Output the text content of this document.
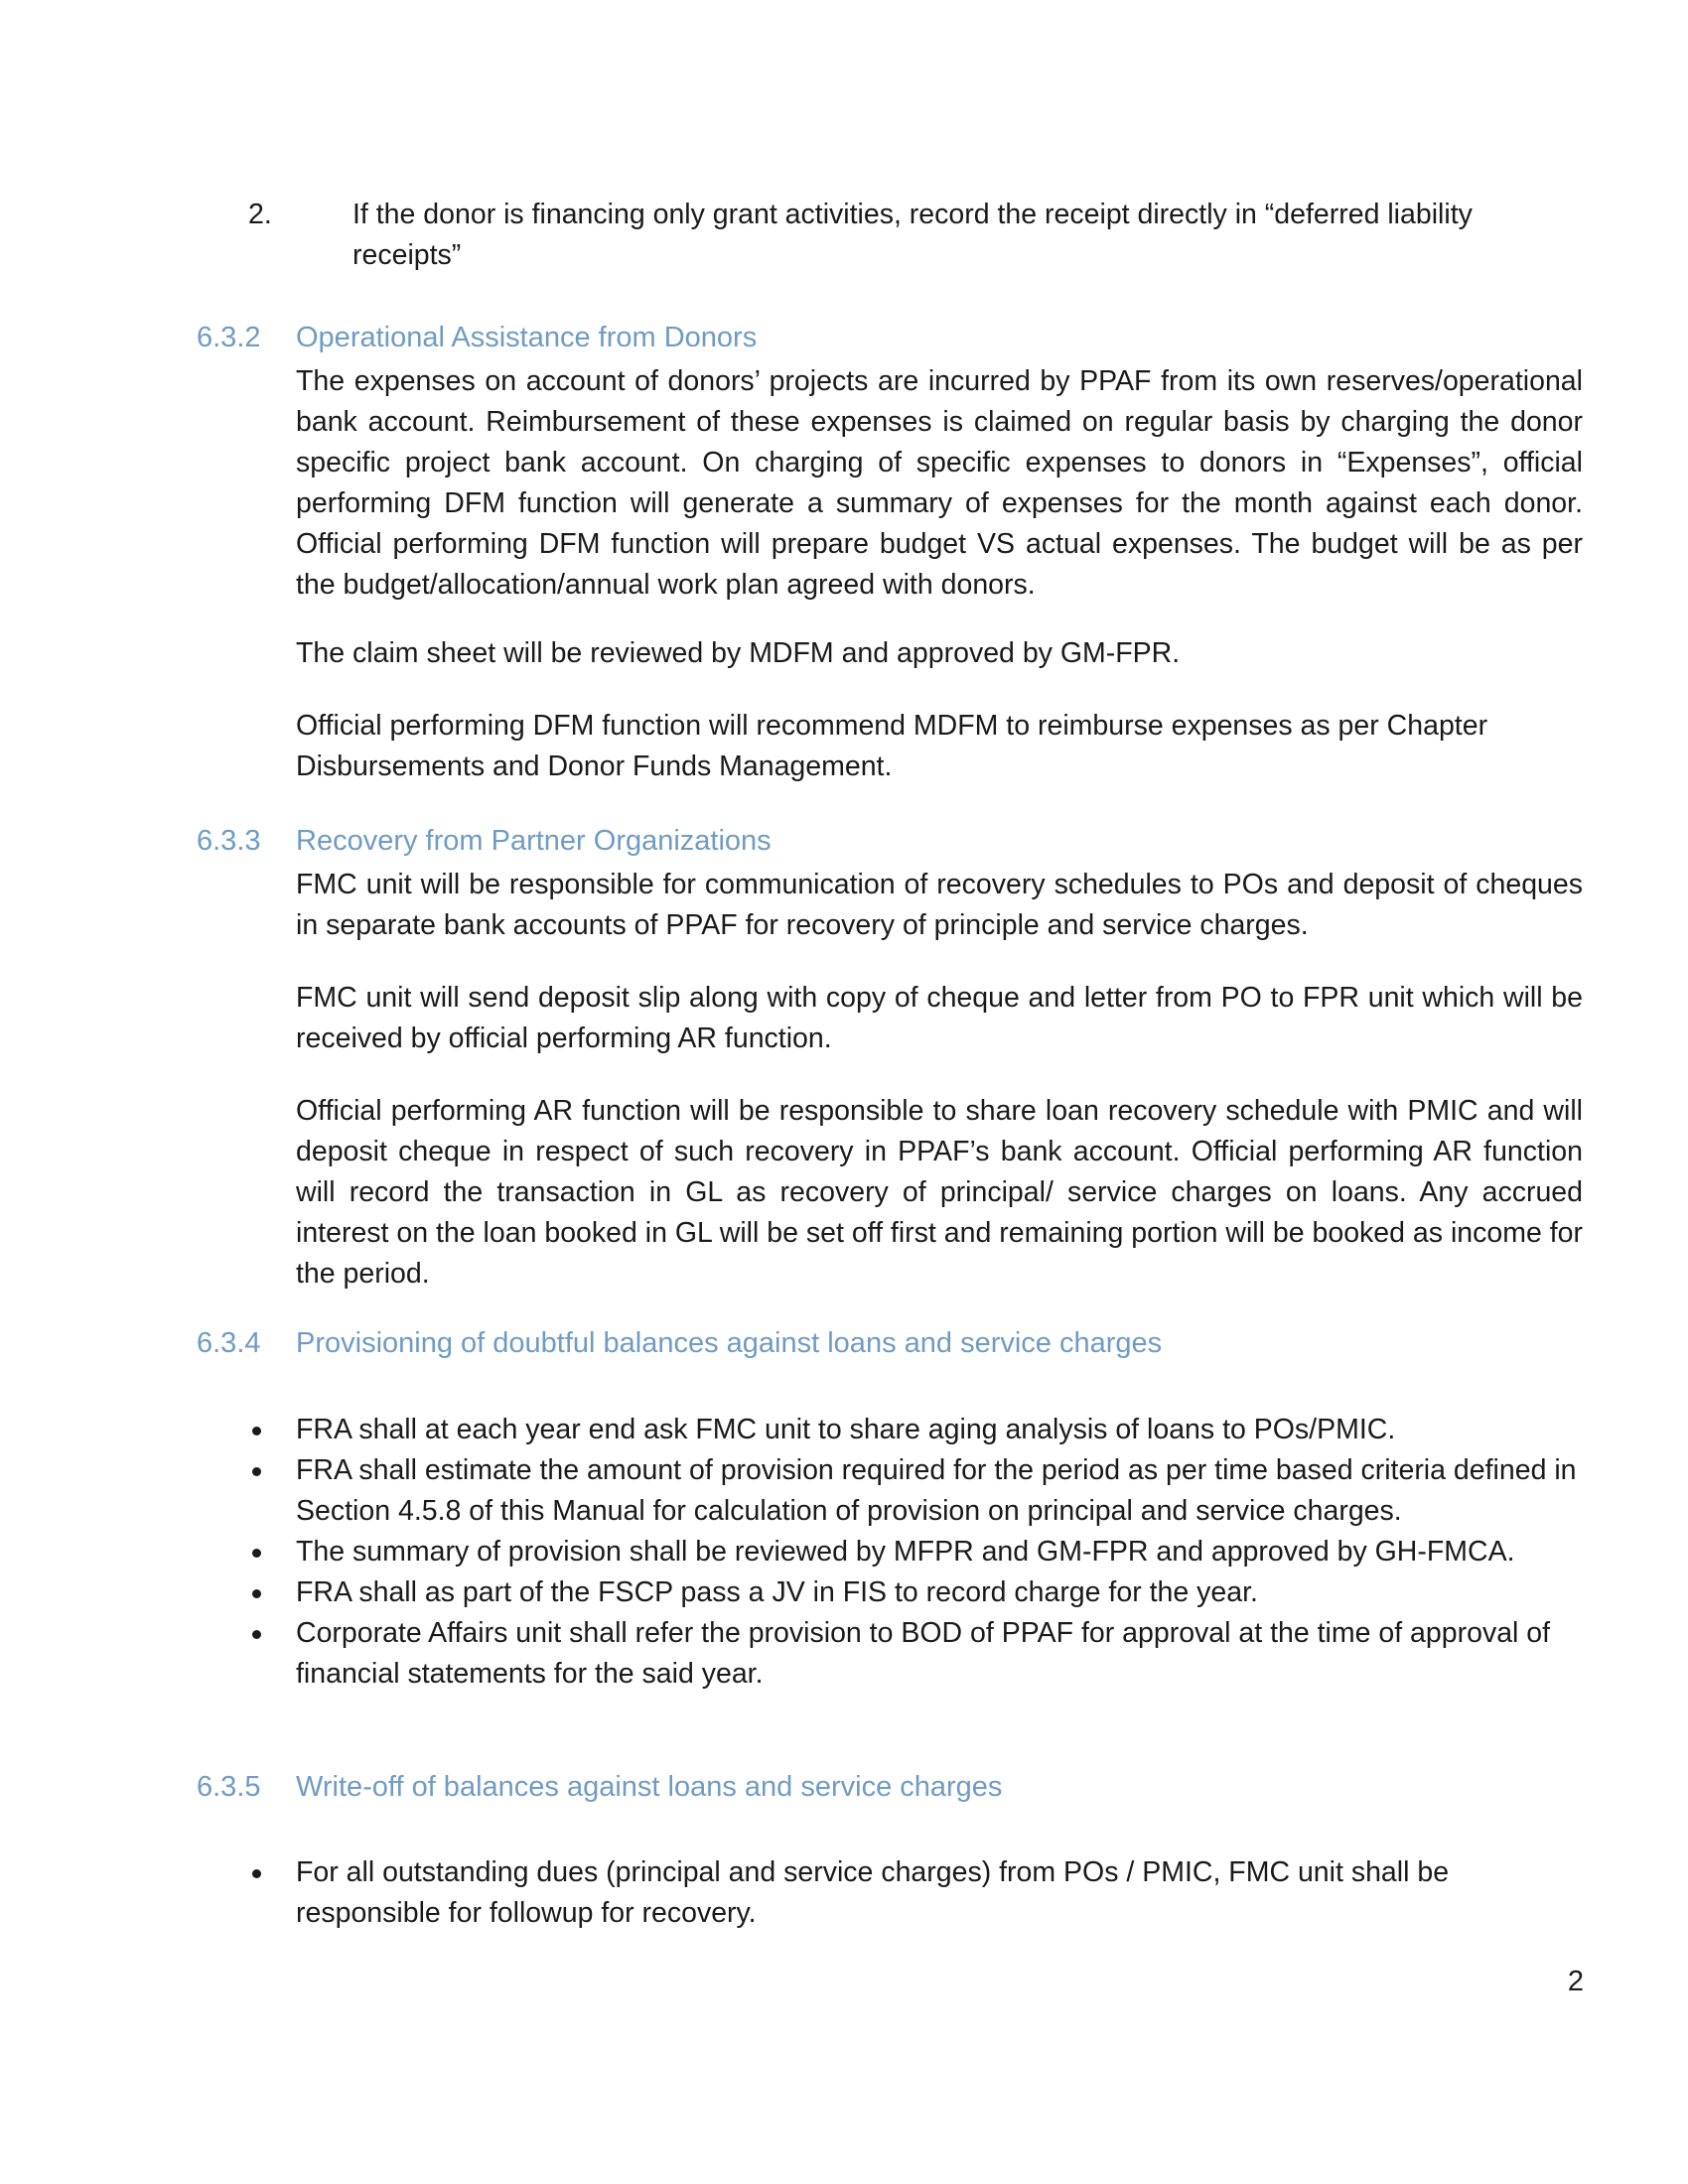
2.	If the donor is financing only grant activities, record the receipt directly in “deferred liability receipts”
6.3.2 Operational Assistance from Donors
The expenses on account of donors’ projects are incurred by PPAF from its own reserves/operational bank account. Reimbursement of these expenses is claimed on regular basis by charging the donor specific project bank account. On charging of specific expenses to donors in “Expenses”, official performing DFM function will generate a summary of expenses for the month against each donor. Official performing DFM function will prepare budget VS actual expenses. The budget will be as per the budget/allocation/annual work plan agreed with donors.
The claim sheet will be reviewed by MDFM and approved by GM-FPR.
Official performing DFM function will recommend MDFM to reimburse expenses as per Chapter Disbursements and Donor Funds Management.
6.3.3 Recovery from Partner Organizations
FMC unit will be responsible for communication of recovery schedules to POs and deposit of cheques in separate bank accounts of PPAF for recovery of principle and service charges.
FMC unit will send deposit slip along with copy of cheque and letter from PO to FPR unit which will be received by official performing AR function.
Official performing AR function will be responsible to share loan recovery schedule with PMIC and will deposit cheque in respect of such recovery in PPAF’s bank account. Official performing AR function will record the transaction in GL as recovery of principal/ service charges on loans. Any accrued interest on the loan booked in GL will be set off first and remaining portion will be booked as income for the period.
6.3.4 Provisioning of doubtful balances against loans and service charges
FRA shall at each year end ask FMC unit to share aging analysis of loans to POs/PMIC.
FRA shall estimate the amount of provision required for the period as per time based criteria defined in Section 4.5.8 of this Manual for calculation of provision on principal and service charges.
The summary of provision shall be reviewed by MFPR and GM-FPR and approved by GH-FMCA.
FRA shall as part of the FSCP pass a JV in FIS to record charge for the year.
Corporate Affairs unit shall refer the provision to BOD of PPAF for approval at the time of approval of financial statements for the said year.
6.3.5 Write-off of balances against loans and service charges
For all outstanding dues (principal and service charges) from POs / PMIC, FMC unit shall be responsible for followup for recovery.
2
